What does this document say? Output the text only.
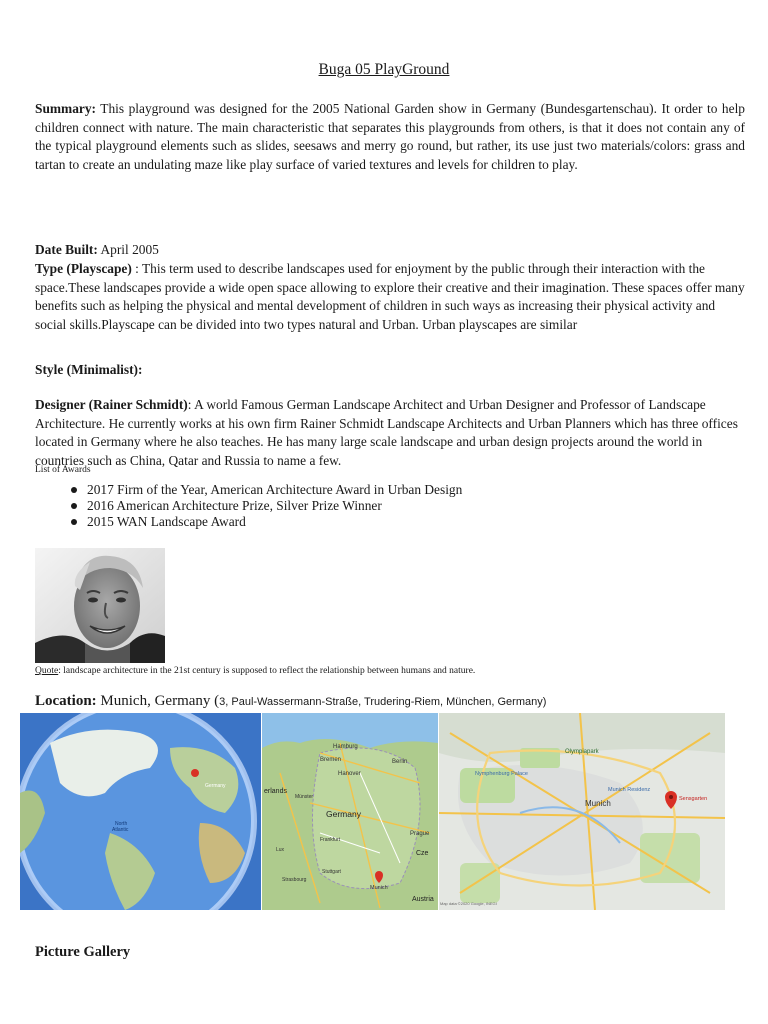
Buga 05 PlayGround
Summary: This playground was designed for the 2005 National Garden show in Germany (Bundesgartenschau). It order to help children connect with nature. The main characteristic that separates this playgrounds from others, is that it does not contain any of the typical playground elements such as slides, seesaws and merry go round, but rather, its use just two materials/colors: grass and tartan to create an undulating maze like play surface of varied textures and levels for children to play.
Date Built: April 2005
Type (Playscape) : This term used to describe landscapes used for enjoyment by the public through their interaction with the space.These landscapes provide a wide open space allowing to explore their creative and their imagination. These spaces offer many benefits such as helping the physical and mental development of children in such ways as increasing their physical activity and social skills.Playscape can be divided into two types natural and Urban. Urban playscapes are similar
Style (Minimalist):
Designer (Rainer Schmidt): A world Famous German Landscape Architect and Urban Designer and Professor of Landscape Architecture. He currently works at his own firm Rainer Schmidt Landscape Architects and Urban Planners which has three offices located in Germany where he also teaches. He has many large scale landscape and urban design projects around the world in countries such as China, Qatar and Russia to name a few.
List of Awards
2017 Firm of the Year, American Architecture Award in Urban Design
2016 American Architecture Prize, Silver Prize Winner
2015 WAN Landscape Award
Quote: landscape architecture in the 21st century is supposed to reflect the relationship between humans and nature.
Location: Munich, Germany (3, Paul-Wassermann-Straße, Trudering-Riem, München, Germany)
North
Atlantic
Germany
Hamburg
Bremen	Berlin
Hanover
erlands
Münster
Germany
Frankfurt
Prague
Cze
Lux
Strasbourg
Stuttgart
Munich
Austria
Olympiapark
Nymphenburg Palace
Munich
Munich Residenz
Sensgarten
Map data ©2020 Google, INEGI
Picture Gallery
